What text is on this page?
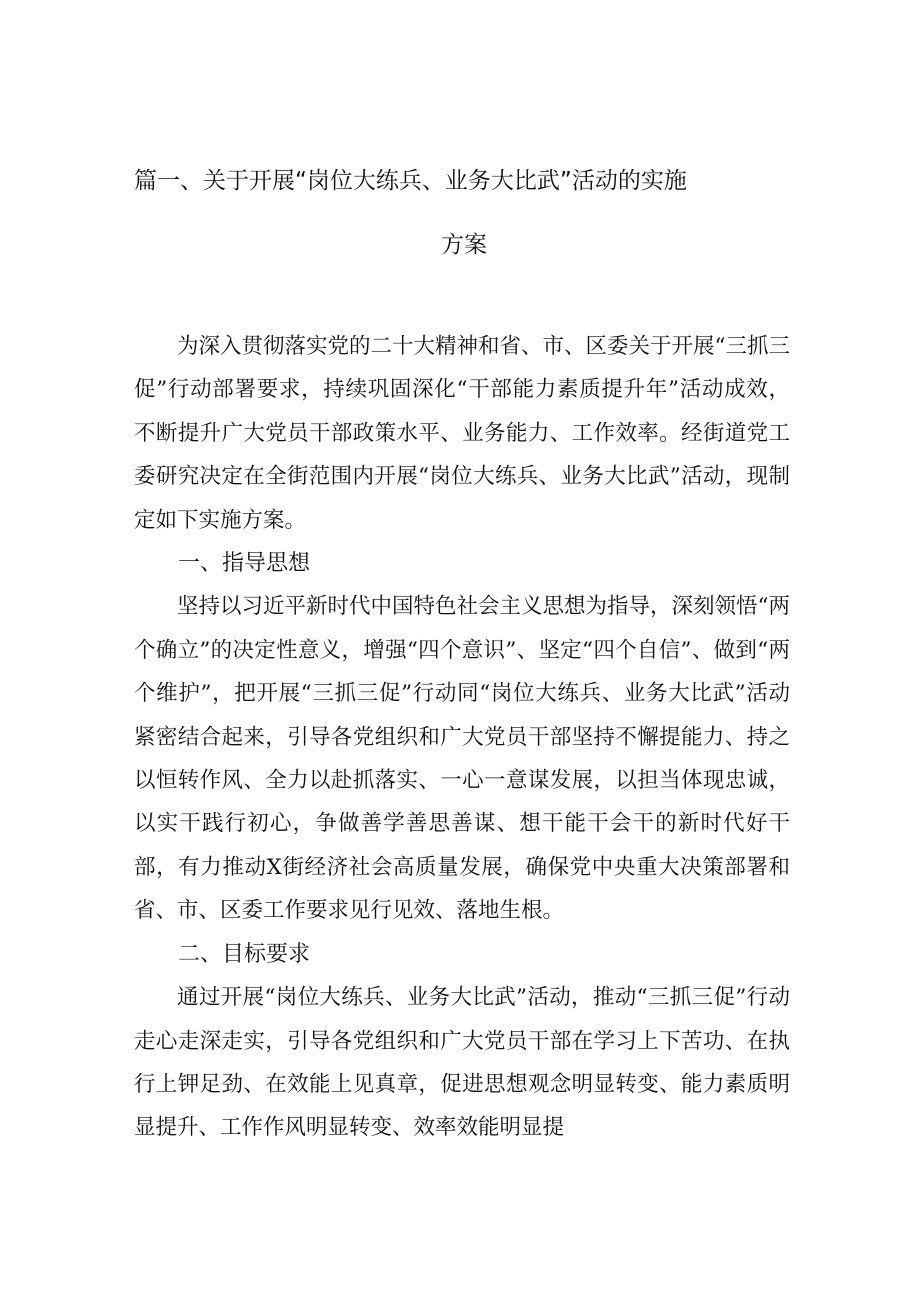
篇一、关于开展“岗位大练兵、业务大比武”活动的实施
方案

为深入贯彻落实党的二十大精神和省、市、区委关于开展“三抓三促”行动部署要求，持续巩固深化“干部能力素质提升年”活动成效，不断提升广大党员干部政策水平、业务能力、工作效率。经街道党工委研究决定在全街范围内开展“岗位大练兵、业务大比武”活动，现制定如下实施方案。

一、指导思想

坚持以习近平新时代中国特色社会主义思想为指导，深刻领悟“两个确立”的决定性意义，增强“四个意识”、坚定“四个自信”、做到“两个维护”，把开展“三抓三促”行动同“岗位大练兵、业务大比武”活动紧密结合起来，引导各党组织和广大党员干部坚持不懈提能力、持之以恒转作风、全力以赴抓落实、一心一意谋发展，以担当体现忠诚，以实干践行初心，争做善学善思善谋、想干能干会干的新时代好干部，有力推动X街经济社会高质量发展，确保党中央重大决策部署和省、市、区委工作要求见行见效、落地生根。

二、目标要求

通过开展“岗位大练兵、业务大比武”活动，推动“三抓三促”行动走心走深走实，引导各党组织和广大党员干部在学习上下苦功、在执行上钾足劲、在效能上见真章，促进思想观念明显转变、能力素质明显提升、工作作风明显转变、效率效能明显提
